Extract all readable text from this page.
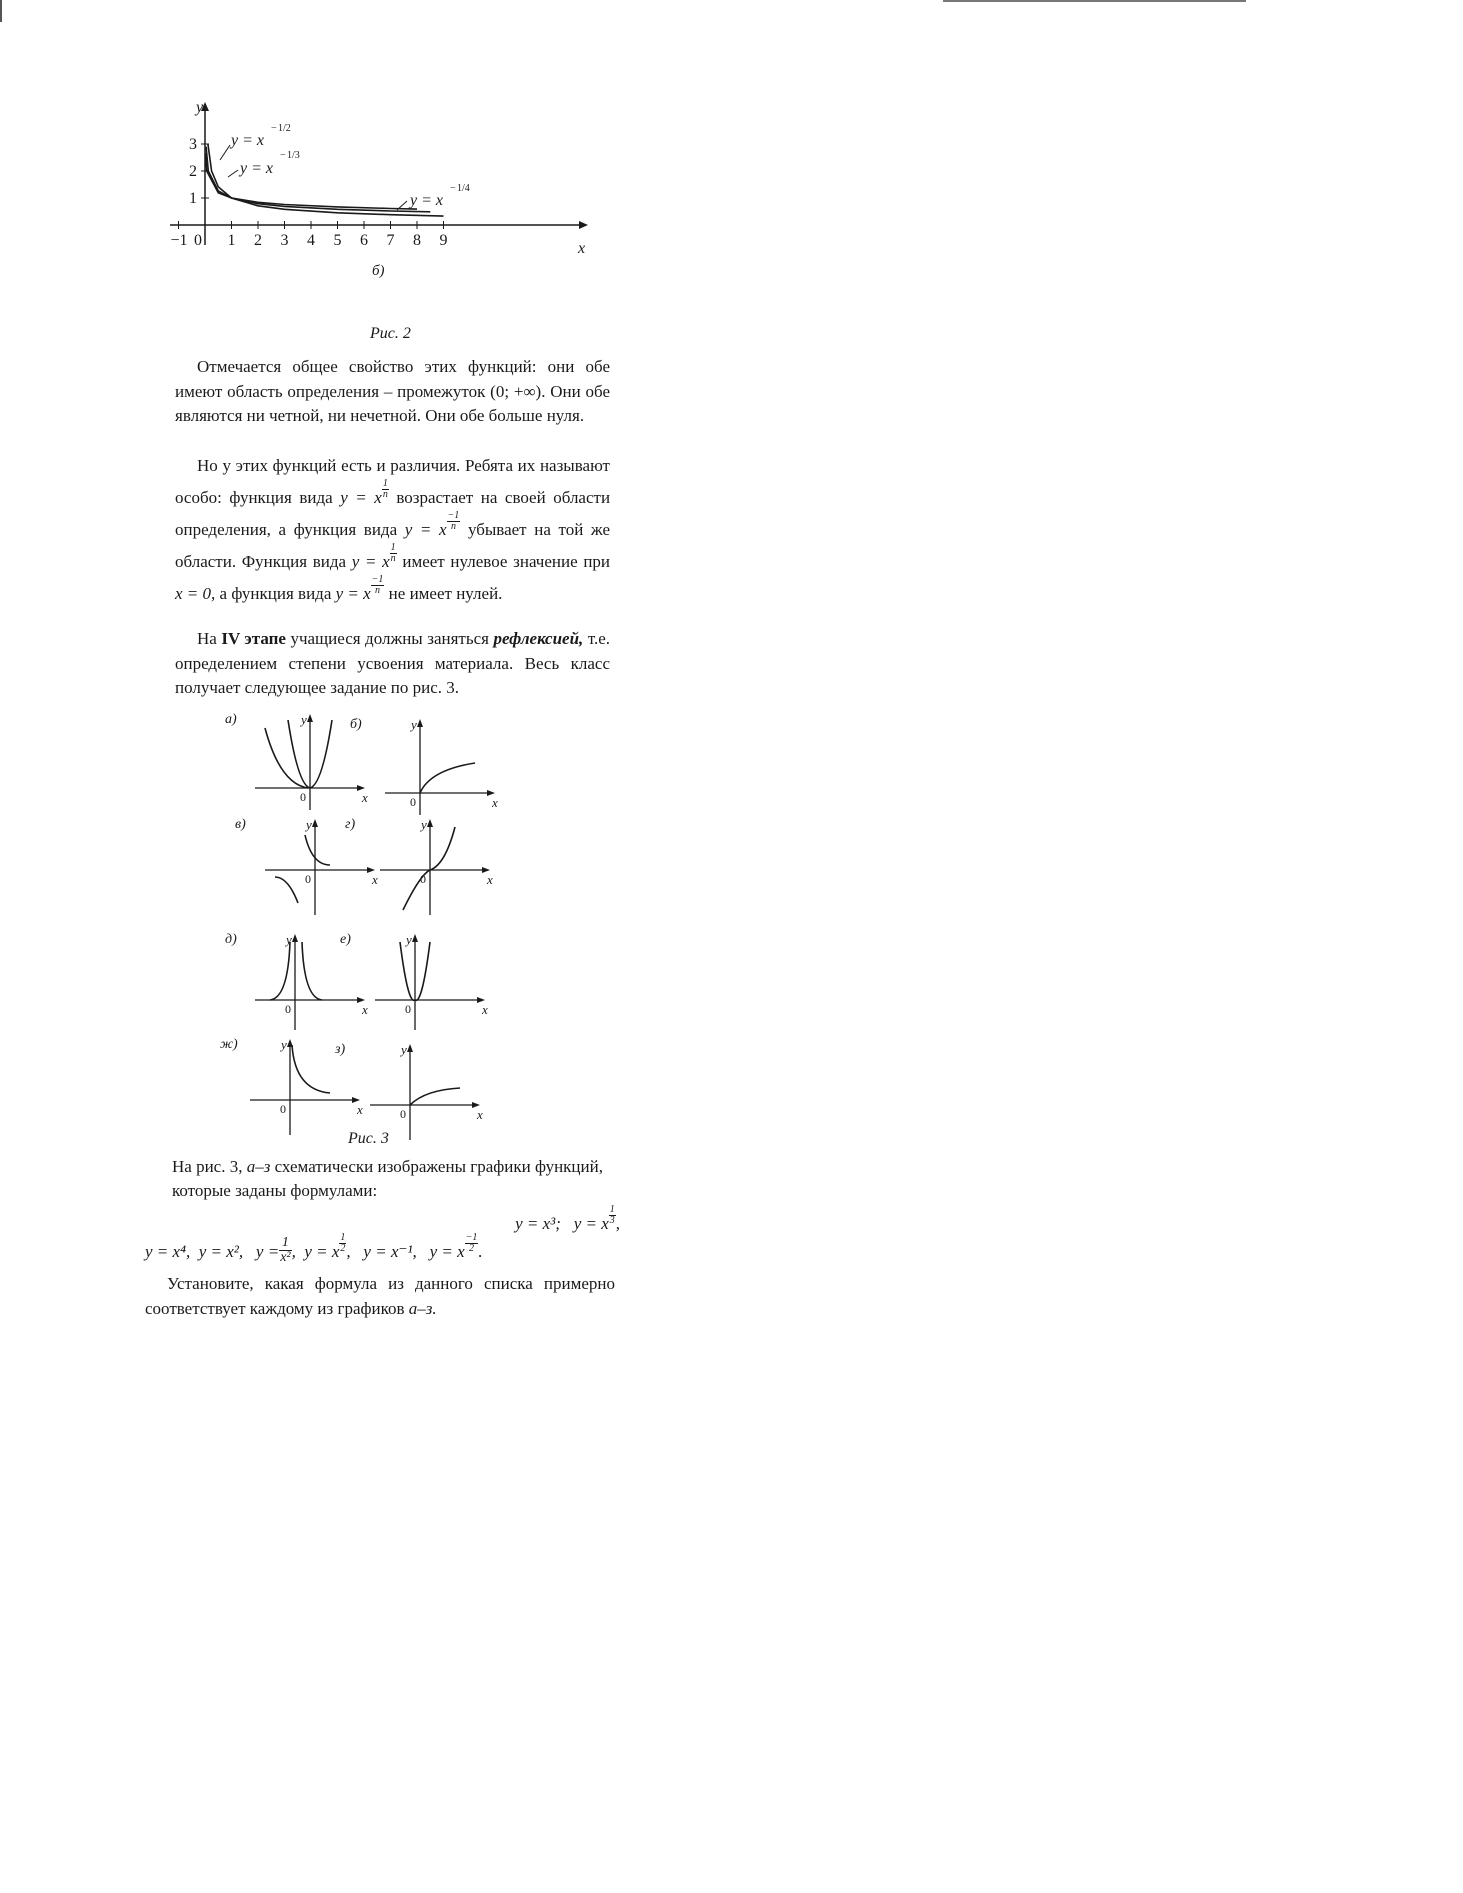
−1 0 1 2 3 4 5 6 7 8 9
1
2
3
y
x
y = x
− 1/2
y = x
− 1/3
y = x
− 1/4
б)
Рис. 2
Отмечается общее свойство этих функций: они обе имеют область определения – промежуток (0; +∞). Они обе являются ни четной, ни нечетной. Они обе больше нуля.
Но у этих функций есть и различия. Ребята их называют особо: функция вида y = x $\frac{1}{n}$ возрастает на своей области определения, а функция вида y = x $\frac{-1}{n}$ убывает на той же области. Функция вида y = x $\frac{1}{n}$ имеет нулевое значение при x = 0, а функция вида y = x $\frac{-1}{n}$ не имеет нулей.
На IV этапе учащиеся должны заняться рефлексией, т.е. определением степени усвоения материала. Весь класс получает следующее задание по рис. 3.
y
x
0
а)	y
x
0
б)
y
x
0
в)	y
x
0
г)
y
x
0
д)	y
x
0
е)
y
x
0
ж)	y
x
0
з)
Рис. 3
На рис. 3, а–з схематически изображены графики функций, которые заданы формулами:
y = x³; y = x $\frac{1}{3}$ ,
y = x⁴, y = x², $y = \frac{1}{\text{x²}}$ , y = x $\frac{1}{2}$ , y = x⁻¹, y = x $\frac{-1}{2}$ .
Установите, какая формула из данного списка примерно соответствует каждому из графиков а–з.
